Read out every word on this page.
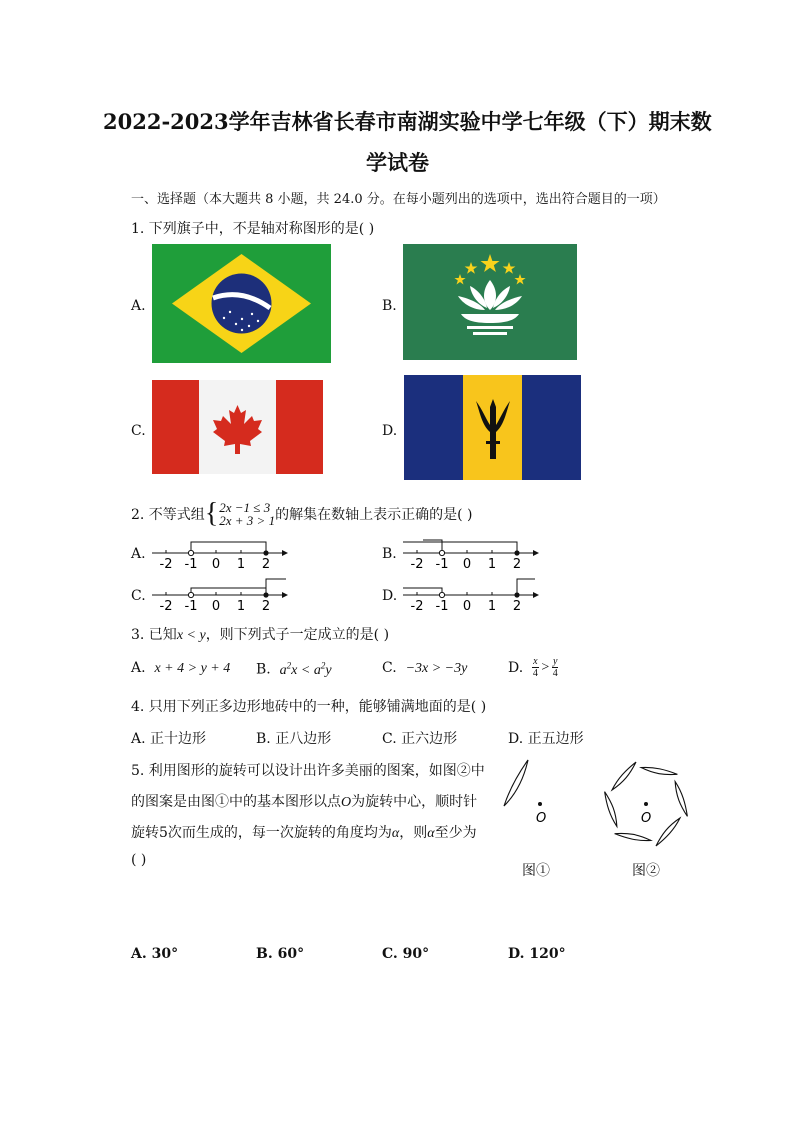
2022-2023学年吉林省长春市南湖实验中学七年级（下）期末数
学试卷
一、选择题（本大题共 8 小题，共 24.0 分。在每小题列出的选项中，选出符合题目的一项）
1. 下列旗子中，不是轴对称图形的是( )
A.	B.
C.	D.
2. 不等式组 { 2x −1 ≤ 3
2x + 3 > 1 的解集在数轴上表示正确的是( )
A.
-2 -1 0 1 2
B.
-2 -1 0 1 2
C.
-2 -1 0 1 2
D.
-2 -1 0 1 2
3. 已知x < y，则下列式子一定成立的是( )
A. x + 4 > y + 4 B. $a^2x < a^2y$	C. −3x > −3y	D.
$\frac{x}{4} > \frac{y}{4}$
4. 只用下列正多边形地砖中的一种，能够铺满地面的是( )
A. 正十边形	B. 正八边形	C. 正六边形	D. 正五边形
5. 利用图形的旋转可以设计出许多美丽的图案，如图②中
的图案是由图①中的基本图形以点O为旋转中心，顺时针
旋转5次而生成的，每一次旋转的角度均为α，则α至少为
( )
O
图①
O
图②
A. 30°	B. 60°	C. 90°	D. 120°
